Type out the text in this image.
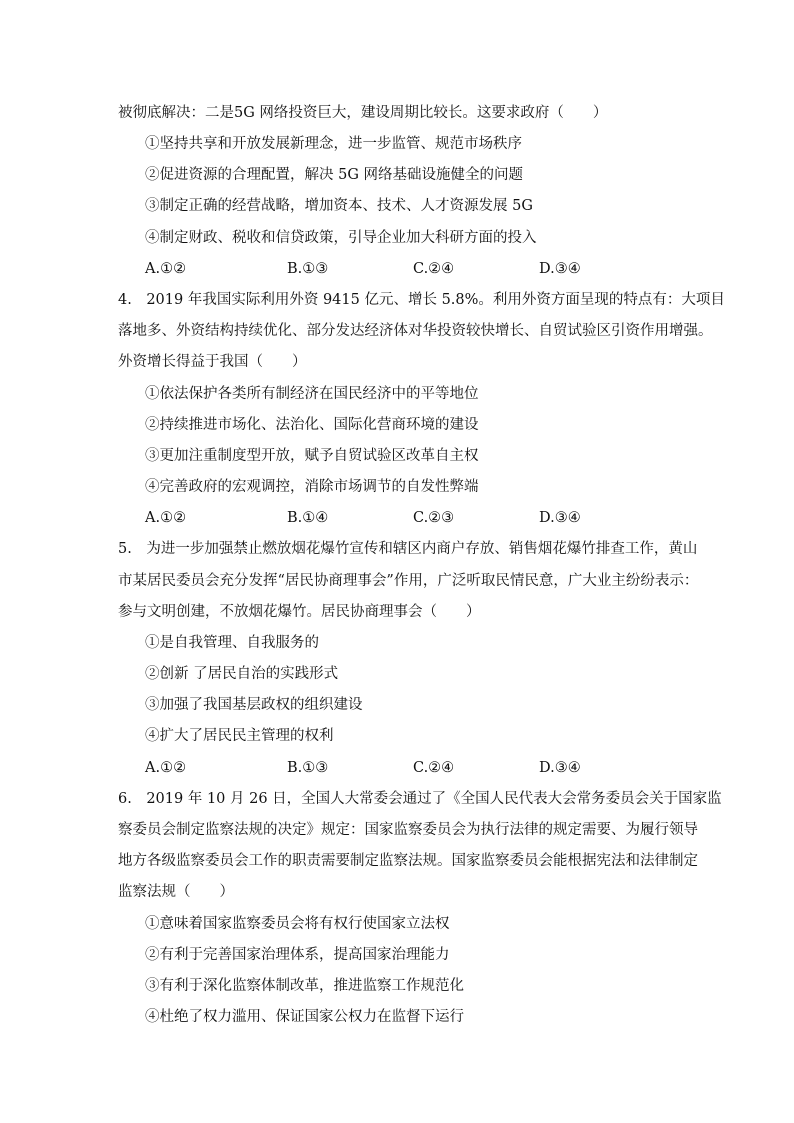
被彻底解决：二是5G 网络投资巨大，建设周期比较长。这要求政府（　　）
①坚持共享和开放发展新理念，进一步监管、规范市场秩序
②促进资源的合理配置，解决 5G 网络基础设施健全的问题
③制定正确的经营战略，增加资本、技术、人才资源发展 5G
④制定财政、税收和信贷政策，引导企业加大科研方面的投入
A.①②	B.①③	C.②④	D.③④
4.　2019 年我国实际利用外资 9415 亿元、增长 5.8%。利用外资方面呈现的特点有：大项目
落地多、外资结构持续优化、部分发达经济体对华投资较快增长、自贸试验区引资作用增强。
外资增长得益于我国（　　）
①依法保护各类所有制经济在国民经济中的平等地位
②持续推进市场化、法治化、国际化营商环境的建设
③更加注重制度型开放，赋予自贸试验区改革自主权
④完善政府的宏观调控，消除市场调节的自发性弊端
A.①②	B.①④	C.②③	D.③④
5.　为进一步加强禁止燃放烟花爆竹宣传和辖区内商户存放、销售烟花爆竹排查工作，黄山
市某居民委员会充分发挥“居民协商理事会”作用，广泛听取民情民意，广大业主纷纷表示：
参与文明创建，不放烟花爆竹。居民协商理事会（　　）
①是自我管理、自我服务的
②创新 了居民自治的实践形式
③加强了我国基层政权的组织建设
④扩大了居民民主管理的权利
A.①②	B.①③	C.②④	D.③④
6.　2019 年 10 月 26 日，全国人大常委会通过了《全国人民代表大会常务委员会关于国家监
察委员会制定监察法规的决定》规定：国家监察委员会为执行法律的规定需要、为履行领导
地方各级监察委员会工作的职责需要制定监察法规。国家监察委员会能根据宪法和法律制定
监察法规（　　）
①意味着国家监察委员会将有权行使国家立法权
②有利于完善国家治理体系，提高国家治理能力
③有利于深化监察体制改革，推进监察工作规范化
④杜绝了权力滥用、保证国家公权力在监督下运行
